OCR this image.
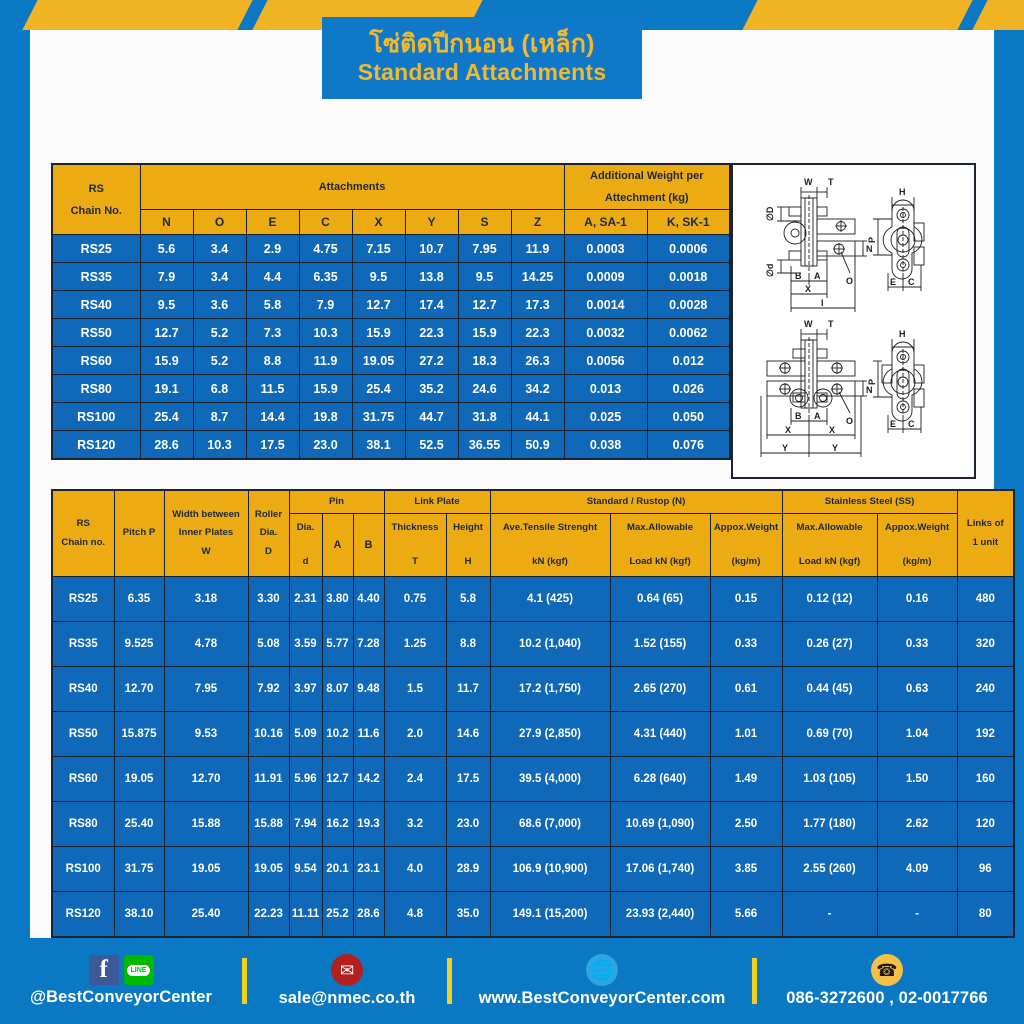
โซ่ติดปีกนอน (เหล็ก)
Standard Attachments
RS
Chain No.
	Attachments	
Additional Weight per
Attechment (kg)

	N	O	E	C	X	Y	S	Z	A, SA-1	K, SK-1
RS25	5.6	3.4	2.9	4.75	7.15	10.7	7.95	11.9	0.0003	0.0006
RS35	7.9	3.4	4.4	6.35	9.5	13.8	9.5	14.25	0.0009	0.0018
RS40	9.5	3.6	5.8	7.9	12.7	17.4	12.7	17.3	0.0014	0.0028
RS50	12.7	5.2	7.3	10.3	15.9	22.3	15.9	22.3	0.0032	0.0062
RS60	15.9	5.2	8.8	11.9	19.05	27.2	18.3	26.3	0.0056	0.012
RS80	19.1	6.8	11.5	15.9	25.4	35.2	24.6	34.2	0.013	0.026
RS100	25.4	8.7	14.4	19.8	31.75	44.7	31.8	44.1	0.025	0.050
RS120	28.6	10.3	17.5	23.0	38.1	52.5	36.55	50.9	0.038	0.076
O
W T
∅D
∅d
N
B A
X
I
H
P
E C
O
W T
N
B A
X	X
Y	Y
H
P
E C
RS
Chain no.
	Pitch P	
Width between
Inner Plates
W

Roller
Dia.
D
	Pin	Link Plate	Standard / Rustop (N)	Stainless Steel (SS)	
Links of
1 unit

Dia.
d
	A	B	
Thickness
T

Height
H

Ave.Tensile Strenght
kN (kgf)

Max.Allowable
Load kN (kgf)

Appox.Weight
(kg/m)

Max.Allowable
Load kN (kgf)

Appox.Weight
(kg/m)

RS25	6.35	3.18	3.30	2.31	3.80	4.40	0.75	5.8	4.1 (425)	0.64 (65)	0.15	0.12 (12)	0.16	480
RS35	9.525	4.78	5.08	3.59	5.77	7.28	1.25	8.8	10.2 (1,040)	1.52 (155)	0.33	0.26 (27)	0.33	320
RS40	12.70	7.95	7.92	3.97	8.07	9.48	1.5	11.7	17.2 (1,750)	2.65 (270)	0.61	0.44 (45)	0.63	240
RS50	15.875	9.53	10.16	5.09	10.2	11.6	2.0	14.6	27.9 (2,850)	4.31 (440)	1.01	0.69 (70)	1.04	192
RS60	19.05	12.70	11.91	5.96	12.7	14.2	2.4	17.5	39.5 (4,000)	6.28 (640)	1.49	1.03 (105)	1.50	160
RS80	25.40	15.88	15.88	7.94	16.2	19.3	3.2	23.0	68.6 (7,000)	10.69 (1,090)	2.50	1.77 (180)	2.62	120
RS100	31.75	19.05	19.05	9.54	20.1	23.1	4.0	28.9	106.9 (10,900)	17.06 (1,740)	3.85	2.55 (260)	4.09	96
RS120	38.10	25.40	22.23	11.11	25.2	28.6	4.8	35.0	149.1 (15,200)	23.93 (2,440)	5.66	-	-	80
f
LINE
@BestConveyorCenter
✉
sale@nmec.co.th
🌐
www.BestConveyorCenter.com
☎
086-3272600 , 02-0017766
